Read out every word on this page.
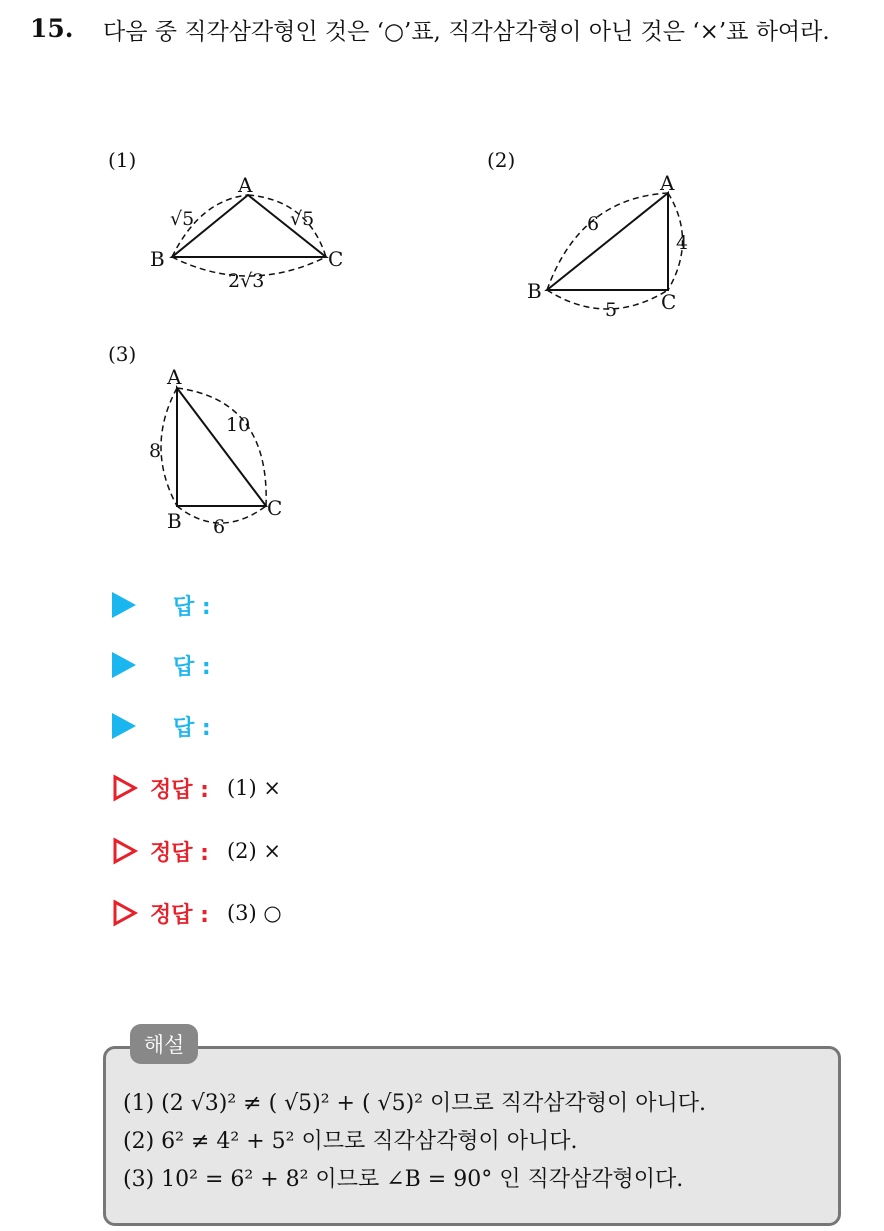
15. 다음 중 직각삼각형인 것은 ‘○’표, 직각삼각형이 아닌 것은 ‘×’표 하여라.
(1)
A
B	C
√5	√5
2√3
(2)
A
B	C
6
4
5
(3)
A
B
C
8
10
6
답 :
답 :
답 :
정답 : (1) ×
정답 : (2) ×
정답 : (3) ○
해설
(1) (2 √3)² ≠ ( √5)² + ( √5)² 이므로 직각삼각형이 아니다.
(2) 6² ≠ 4² + 5² 이므로 직각삼각형이 아니다.
(3) 10² = 6² + 8² 이므로 ∠B = 90° 인 직각삼각형이다.
